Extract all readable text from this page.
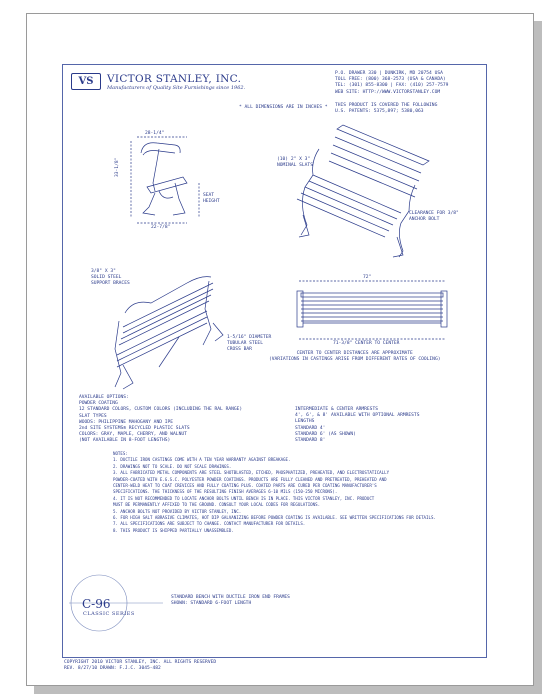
VS	VICTOR STANLEY, INC.
Manufacturers of Quality Site Furnishings since 1962.
P.O. DRAWER 330 | DUNKIRK, MD 20754 USA
TOLL FREE: (800) 368-2573 (USA & CANADA)
TEL: (301) 855-8300 | FAX: (410) 257-7579
WEB SITE: HTTP://WWW.VICTORSTANLEY.COM
THIS PRODUCT IS COVERED THE FOLLOWING
U.S. PATENTS: 5375,897; 5380,063
* ALL DIMENSIONS ARE IN INCHES *
28-1/4"
33-1/8"
22-7/8"
SEAT
HEIGHT
(10) 2" X 3"
NOMINAL SLATS
CLEARANCE FOR 3/8"
ANCHOR BOLT
3/8" X 3"
SOLID STEEL
SUPPORT BRACES
1-5/16" DIAMETER
TUBULAR STEEL
CROSS BAR
72"
71-3/8" CENTER TO CENTER
CENTER TO CENTER DISTANCES ARE APPROXIMATE
(VARIATIONS IN CASTINGS ARISE FROM DIFFERENT RATES OF COOLING)
AVAILABLE OPTIONS:
POWDER COATING
12 STANDARD COLORS, CUSTOM COLORS (INCLUDING THE RAL RANGE)
SLAT TYPES
WOODS: PHILIPPINE MAHOGANY AND IPE
2nd SITE SYSTEMS® RECYCLED PLASTIC SLATS
COLORS: GRAY, MAPLE, CHERRY, AND WALNUT
(NOT AVAILABLE IN 8-FOOT LENGTHS)
INTERMEDIATE & CENTER ARMRESTS
4', 6', & 8' AVAILABLE WITH OPTIONAL ARMRESTS
LENGTHS
STANDARD 4'
STANDARD 6' (AS SHOWN)
STANDARD 8'
NOTES:
1. DUCTILE IRON CASTINGS COME WITH A TEN YEAR WARRANTY AGAINST BREAKAGE.
2. DRAWINGS NOT TO SCALE. DO NOT SCALE DRAWINGS.
3. ALL FABRICATED METAL COMPONENTS ARE STEEL SHOTBLASTED, ETCHED, PHOSPHATIZED, PREHEATED, AND ELECTROSTATICALLY
POWDER-COATED WITH E.G.S.C. POLYESTER POWDER COATINGS. PRODUCTS ARE FULLY CLEANED AND PRETREATED, PREHEATED AND
CENTER-WELD HEAT TO COAT CREVICES AND FULLY COATING PLUS. COATED PARTS ARE CURED PER COATING MANUFACTURER'S
SPECIFICATIONS. THE THICKNESS OF THE RESULTING FINISH AVERAGES 6-10 MILS (150-250 MICRONS).
4. IT IS NOT RECOMMENDED TO LOCATE ANCHOR BOLTS UNTIL BENCH IS IN PLACE. THIS VICTOR STANLEY, INC. PRODUCT
MUST BE PERMANENTLY AFFIXED TO THE GROUND. CONSULT YOUR LOCAL CODES FOR REGULATIONS.
5. ANCHOR BOLTS NOT PROVIDED BY VICTOR STANLEY, INC.
6. FOR HIGH SALT ABRASIVE CLIMATES, HOT DIP GALVANIZING BEFORE POWDER COATING IS AVAILABLE. SEE WRITTEN SPECIFICATIONS FOR DETAILS.
7. ALL SPECIFICATIONS ARE SUBJECT TO CHANGE. CONTACT MANUFACTURER FOR DETAILS.
8. THIS PRODUCT IS SHIPPED PARTIALLY UNASSEMBLED.
C-96
CLASSIC SERIES
STANDARD BENCH WITH DUCTILE IRON END FRAMES
SHOWN: STANDARD 6-FOOT LENGTH
COPYRIGHT 2010 VICTOR STANLEY, INC. ALL RIGHTS RESERVED
REV. 8/27/10 DRAWN: F.J.C. 3045-482
